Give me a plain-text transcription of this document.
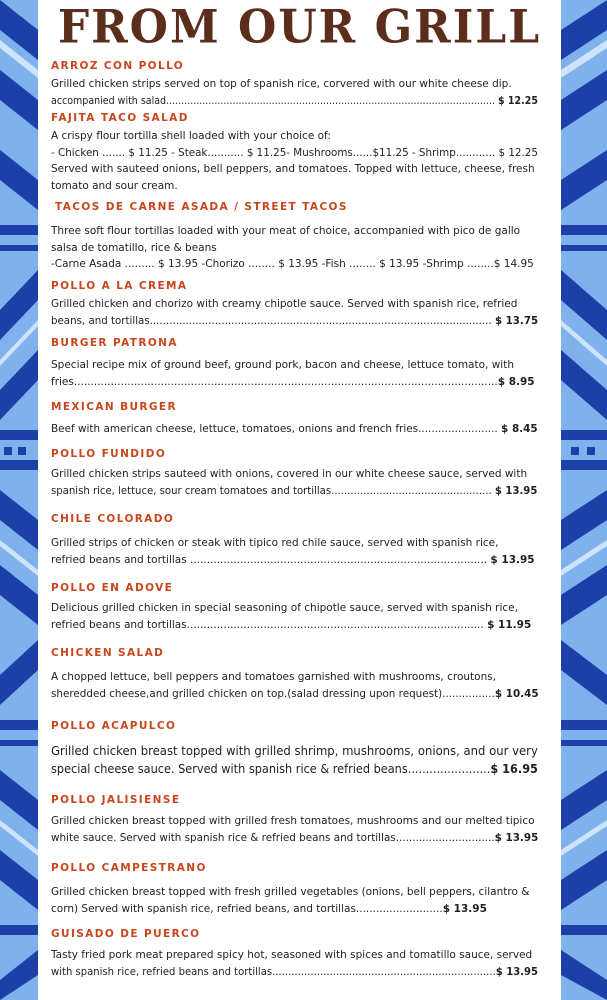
FROM OUR GRILL
ARROZ CON POLLO
Grilled chicken strips served on top of spanish rice, corvered with our white cheese dip.
accompanied with salad............................................................................................................. $ 12.25
FAJITA TACO SALAD
A crispy flour tortilla shell loaded with your choice of:
- Chicken ....... $ 11.25 - Steak........... $ 11.25- Mushrooms......$11.25 - Shrimp............ $ 12.25
Served with sauteed onions, bell peppers, and tomatoes. Topped with lettuce, cheese, fresh
tomato and sour cream.
TACOS DE CARNE ASADA / STREET TACOS
Three soft flour tortillas loaded with your meat of choice, accompanied with pico de gallo
salsa de tomatillo, rice & beans
-Carne Asada ......... $ 13.95 -Chorizo ........ $ 13.95 -Fish ........ $ 13.95 -Shrimp ........$ 14.95
POLLO A LA CREMA
Grilled chicken and chorizo with creamy chipotle sauce. Served with spanish rice, refried
beans, and tortillas......................................................................................................... $ 13.75
BURGER PATRONA
Special recipe mix of ground beef, ground pork, bacon and cheese, lettuce tomato, with
fries...............................................................................................................................$ 8.95
MEXICAN BURGER
Beef with american cheese, lettuce, tomatoes, onions and french fries........................ $ 8.45
POLLO FUNDIDO
Grilled chicken strips sauteed with onions, covered in our white cheese sauce, served with
spanish rice, lettuce, sour cream tomatoes and tortillas.................................................. $ 13.95
CHILE COLORADO
Grilled strips of chicken or steak with tipico red chile sauce, served with spanish rice,
refried beans and tortillas ......................................................................................... $ 13.95
POLLO EN ADOVE
Delicious grilled chicken in special seasoning of chipotle sauce, served with spanish rice,
refried beans and tortillas......................................................................................... $ 11.95
CHICKEN SALAD
A chopped lettuce, bell peppers and tomatoes garnished with mushrooms, croutons,
sheredded cheese,and grilled chicken on top.(salad dressing upon request)................$ 10.45
POLLO ACAPULCO
Grilled chicken breast topped with grilled shrimp, mushrooms, onions, and our very
special cheese sauce. Served with spanish rice & refried beans.......................$ 16.95
POLLO JALISIENSE
Grilled chicken breast topped with grilled fresh tomatoes, mushrooms and our melted tipico
white sauce. Served with spanish rice & refried beans and tortillas..............................$ 13.95
POLLO CAMPESTRANO
Grilled chicken breast topped with fresh grilled vegetables (onions, bell peppers, cilantro &
corn) Served with spanish rice, refried beans, and tortillas..........................$ 13.95
GUISADO DE PUERCO
Tasty fried pork meat prepared spicy hot, seasoned with spices and tomatillo sauce, served
with spanish rice, refried beans and tortillas......................................................................$ 13.95
